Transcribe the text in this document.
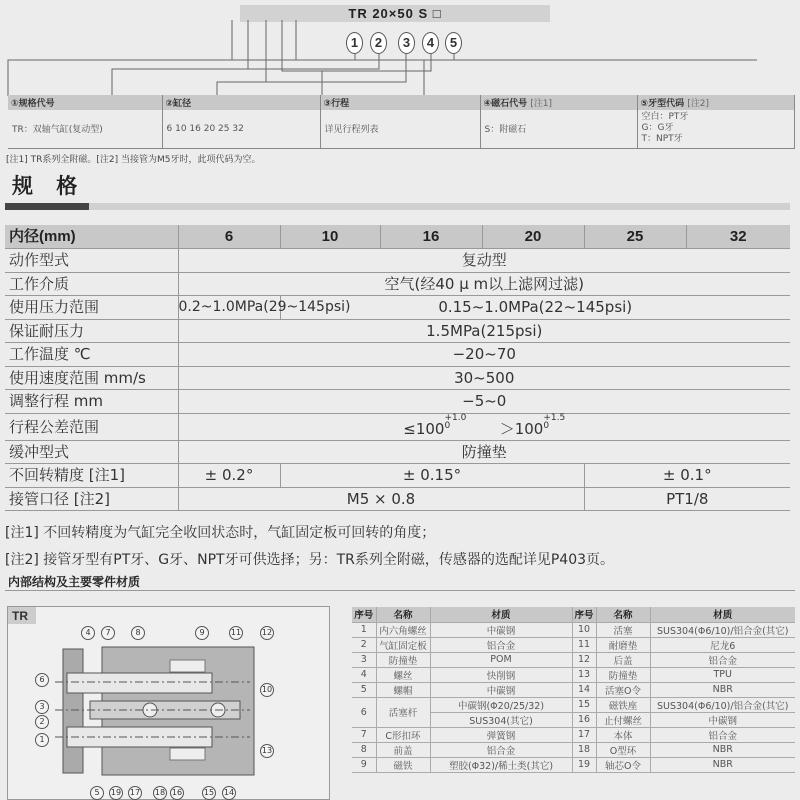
TR 20×50 S □
1	2	3	4	5
①规格代号	②缸径	③行程	④磁石代号 [注1]	⑤牙型代码 [注2]
TR：双轴气缸(复动型)	6 10 16 20 25 32	详见行程列表	S：附磁石	空白：PT牙
G：G牙
T：NPT牙
[注1] TR系列全附磁。[注2] 当接管为M5牙时，此项代码为空。
规 格
内径(mm)	6	10	16	20	25	32
动作型式	复动型					
工作介质	空气(经40 μ m以上滤网过滤)					
使用压力范围	0.2~1.0MPa(29~145psi)	0.15~1.0MPa(22~145psi)				
保证耐压力	1.5MPa(215psi)					
工作温度 ℃	−20~70					
使用速度范围 mm/s	30~500					
调整行程 mm	−5~0					
行程公差范围	$\le 100^{+1.0 0} >100^{+1.5 0}$
缓冲型式	防撞垫					
不回转精度 [注1]	± 0.2°	± 0.15°			± 0.1°	
接管口径 [注2]	M5 × 0.8				PT1/8	
[注1] 不回转精度为气缸完全收回状态时，气缸固定板可回转的角度；
[注2] 接管牙型有PT牙、G牙、NPT牙可供选择；另：TR系列全附磁，传感器的选配详见P403页。
内部结构及主要零件材质
TR
1
2
3
4
5
6
7	8	9
10
11	12
13
14
15
16
17 18
19
序号	名称	材质	序号	名称	材质
1	内六角螺丝	中碳钢	10	活塞	SUS304(Φ6/10)/铝合金(其它)
2	气缸固定板	铝合金	11	耐磨垫	尼龙6
3	防撞垫	POM	12	后盖	铝合金
4	螺丝	快削钢	13	防撞垫	TPU
5	螺帽	中碳钢	14	活塞O令	NBR
6	活塞杆	中碳钢(Φ20/25/32)	15	磁铁座	SUS304(Φ6/10)/铝合金(其它)
		SUS304(其它)	16	止付螺丝	中碳钢
7	C形扣环	弹簧钢	17	本体	铝合金
8	前盖	铝合金	18	O型环	NBR
9	磁铁	塑胶(Φ32)/稀土类(其它)	19	轴芯O令	NBR
